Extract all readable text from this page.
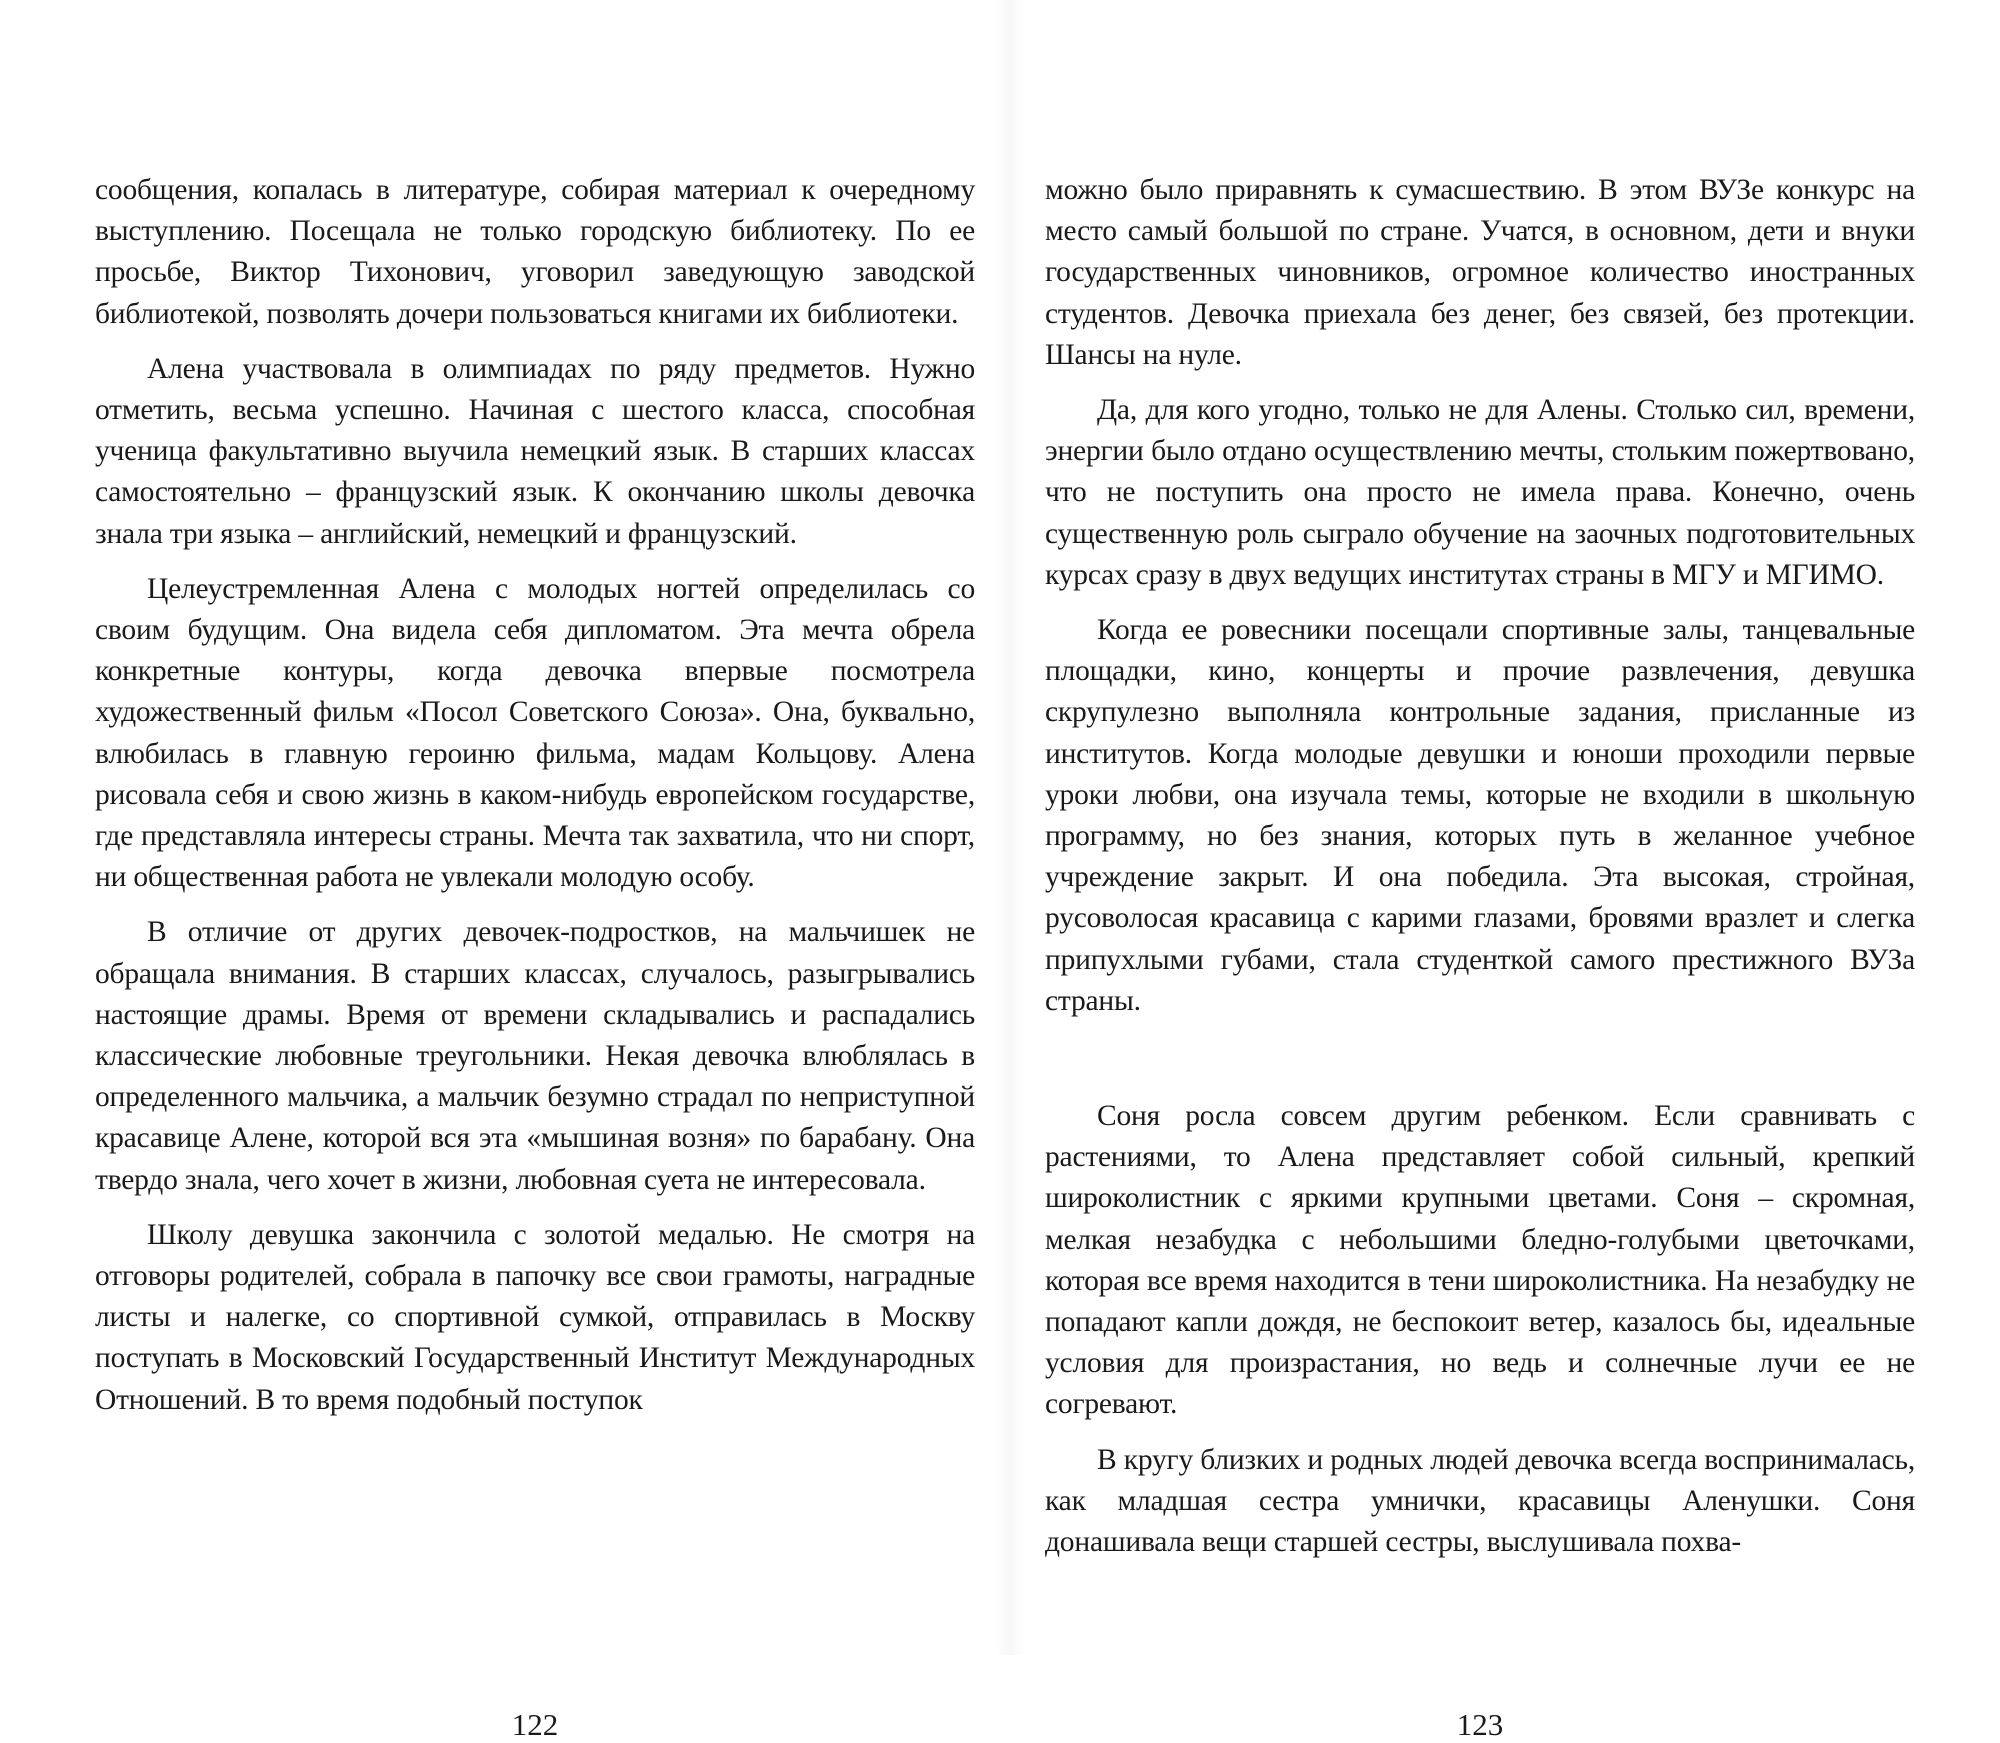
сообщения, копалась в литературе, собирая материал к очередному выступлению. Посещала не только городскую библиотеку. По ее просьбе, Виктор Тихонович, уговорил заведующую заводской библиотекой, позволять дочери пользоваться книгами их библиотеки.

Алена участвовала в олимпиадах по ряду предметов. Нужно отметить, весьма успешно. Начиная с шестого класса, способная ученица факультативно выучила немецкий язык. В старших классах самостоятельно – французский язык. К окончанию школы девочка знала три языка – английский, немецкий и французский.

Целеустремленная Алена с молодых ногтей определилась со своим будущим. Она видела себя дипломатом. Эта мечта обрела конкретные контуры, когда девочка впервые посмотрела художественный фильм «Посол Советского Союза». Она, буквально, влюбилась в главную героиню фильма, мадам Кольцову. Алена рисовала себя и свою жизнь в каком-нибудь европейском государстве, где представляла интересы страны. Мечта так захватила, что ни спорт, ни общественная работа не увлекали молодую особу.

В отличие от других девочек-подростков, на мальчишек не обращала внимания. В старших классах, случалось, разыгрывались настоящие драмы. Время от времени складывались и распадались классические любовные треугольники. Некая девочка влюблялась в определенного мальчика, а мальчик безумно страдал по неприступной красавице Алене, которой вся эта «мышиная возня» по барабану. Она твердо знала, чего хочет в жизни, любовная суета не интересовала.

Школу девушка закончила с золотой медалью. Не смотря на отговоры родителей, собрала в папочку все свои грамоты, наградные листы и налегке, со спортивной сумкой, отправилась в Москву поступать в Московский Государственный Институт Международных Отношений. В то время подобный поступок

122

можно было приравнять к сумасшествию. В этом ВУЗе конкурс на место самый большой по стране. Учатся, в основном, дети и внуки государственных чиновников, огромное количество иностранных студентов. Девочка приехала без денег, без связей, без протекции. Шансы на нуле.

Да, для кого угодно, только не для Алены. Столько сил, времени, энергии было отдано осуществлению мечты, стольким пожертвовано, что не поступить она просто не имела права. Конечно, очень существенную роль сыграло обучение на заочных подготовительных курсах сразу в двух ведущих институтах страны в МГУ и МГИМО.

Когда ее ровесники посещали спортивные залы, танцевальные площадки, кино, концерты и прочие развлечения, девушка скрупулезно выполняла контрольные задания, присланные из институтов. Когда молодые девушки и юноши проходили первые уроки любви, она изучала темы, которые не входили в школьную программу, но без знания, которых путь в желанное учебное учреждение закрыт. И она победила. Эта высокая, стройная, русоволосая красавица с карими глазами, бровями вразлет и слегка припухлыми губами, стала студенткой самого престижного ВУЗа страны.

Соня росла совсем другим ребенком. Если сравнивать с растениями, то Алена представляет собой сильный, крепкий широколистник с яркими крупными цветами. Соня – скромная, мелкая незабудка с небольшими бледно-голубыми цветочками, которая все время находится в тени широколистника. На незабудку не попадают капли дождя, не беспокоит ветер, казалось бы, идеальные условия для произрастания, но ведь и солнечные лучи ее не согревают.

В кругу близких и родных людей девочка всегда воспринималась, как младшая сестра умнички, красавицы Аленушки. Соня донашивала вещи старшей сестры, выслушивала похва-

123
